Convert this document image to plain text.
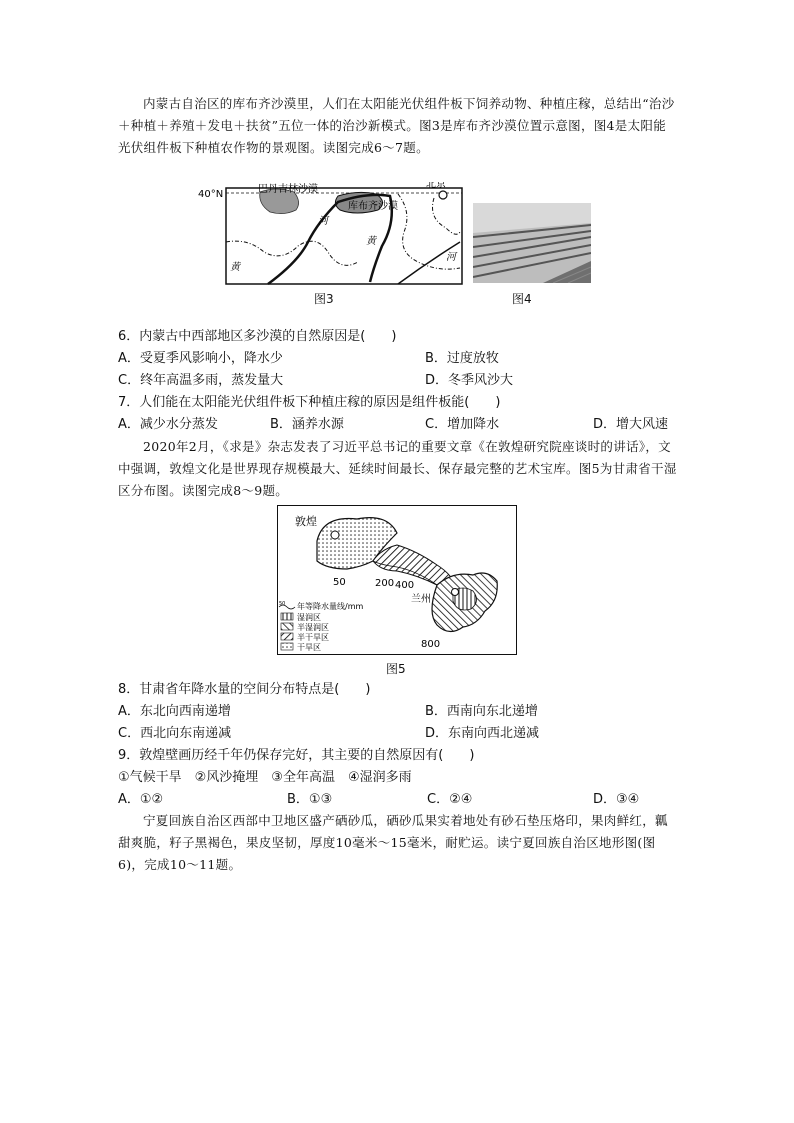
内蒙古自治区的库布齐沙漠里，人们在太阳能光伏组件板下饲养动物、种植庄稼，总结出“治沙＋种植＋养殖＋发电＋扶贫”五位一体的治沙新模式。图3是库布齐沙漠位置示意图，图4是太阳能光伏组件板下种植农作物的景观图。读图完成6～7题。
40°N	巴丹吉林沙漠
库布齐沙漠
北京
河
黄
黄
河
图3	图4
6．内蒙古中西部地区多沙漠的自然原因是(　　)
A．受夏季风影响小，降水少	B．过度放牧
C．终年高温多雨，蒸发量大	D．冬季风沙大
7．人们能在太阳能光伏组件板下种植庄稼的原因是组件板能(　　)
A．减少水分蒸发	B．涵养水源	C．增加降水	D．增大风速
2020年2月，《求是》杂志发表了习近平总书记的重要文章《在敦煌研究院座谈时的讲话》，文中强调，敦煌文化是世界现存规模最大、延续时间最长、保存最完整的艺术宝库。图5为甘肃省干湿区分布图。读图完成8～9题。
敦煌
兰州
50	200 400
800
50 年等降水量线/mm
湿润区
半湿润区
半干旱区
干旱区
图5
8．甘肃省年降水量的空间分布特点是(　　)
A．东北向西南递增	B．西南向东北递增
C．西北向东南递减	D．东南向西北递减
9．敦煌壁画历经千年仍保存完好，其主要的自然原因有(　　)
①气候干旱　②风沙掩埋　③全年高温　④湿润多雨
A．①②	B．①③	C．②④	D．③④
宁夏回族自治区西部中卫地区盛产硒砂瓜，硒砂瓜果实着地处有砂石垫压烙印，果肉鲜红，瓤甜爽脆，籽子黑褐色，果皮坚韧，厚度10毫米～15毫米，耐贮运。读宁夏回族自治区地形图(图6)，完成10～11题。
